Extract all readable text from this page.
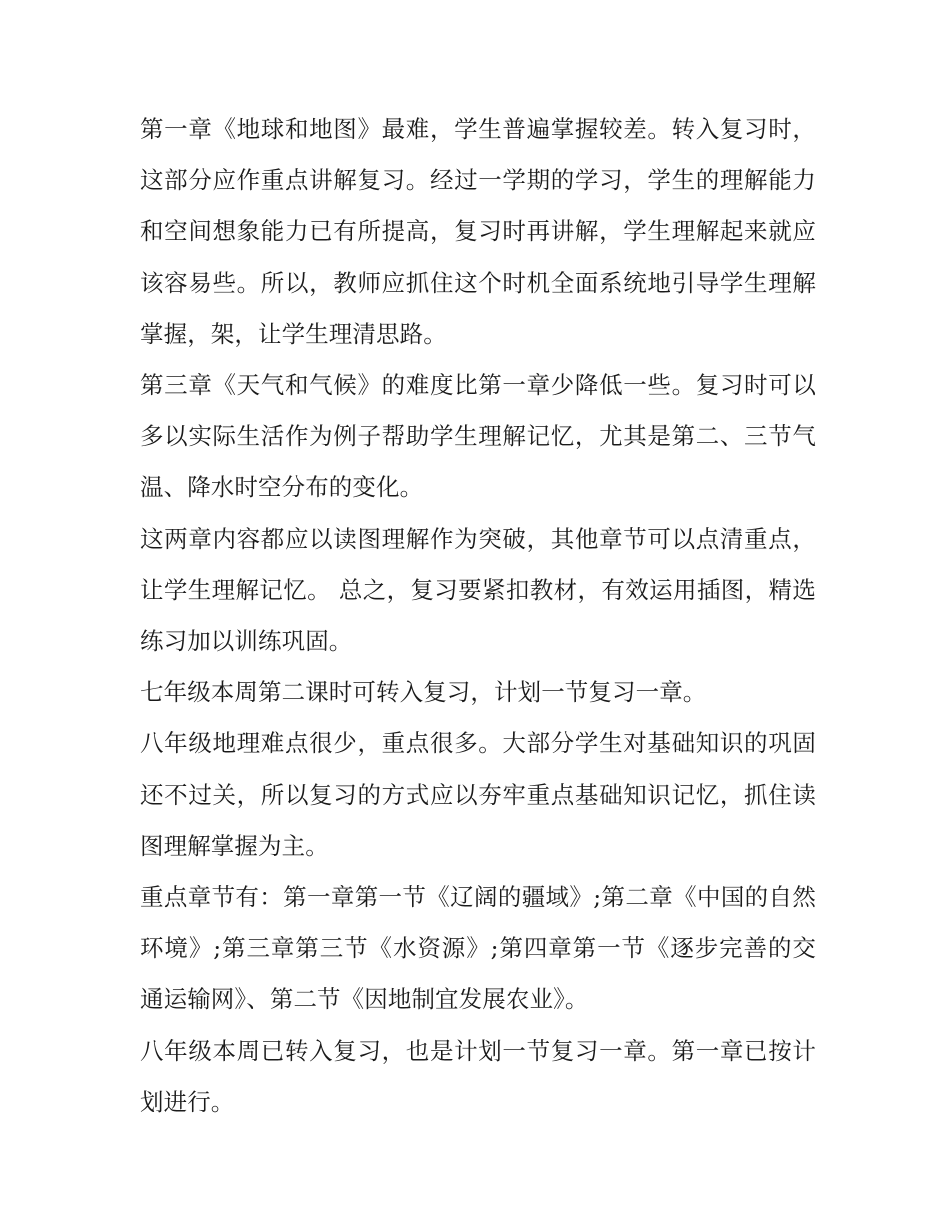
第一章《地球和地图》最难，学生普遍掌握较差。转入复习时，这部分应作重点讲解复习。经过一学期的学习，学生的理解能力和空间想象能力已有所提高，复习时再讲解，学生理解起来就应该容易些。所以，教师应抓住这个时机全面系统地引导学生理解掌握，架，让学生理清思路。

第三章《天气和气候》的难度比第一章少降低一些。复习时可以多以实际生活作为例子帮助学生理解记忆，尤其是第二、三节气温、降水时空分布的变化。

这两章内容都应以读图理解作为突破，其他章节可以点清重点，让学生理解记忆。 总之，复习要紧扣教材，有效运用插图，精选练习加以训练巩固。

七年级本周第二课时可转入复习，计划一节复习一章。

八年级地理难点很少，重点很多。大部分学生对基础知识的巩固还不过关，所以复习的方式应以夯牢重点基础知识记忆，抓住读图理解掌握为主。

重点章节有：第一章第一节《辽阔的疆域》;第二章《中国的自然环境》;第三章第三节《水资源》;第四章第一节《逐步完善的交通运输网》、第二节《因地制宜发展农业》。

八年级本周已转入复习，也是计划一节复习一章。第一章已按计划进行。
